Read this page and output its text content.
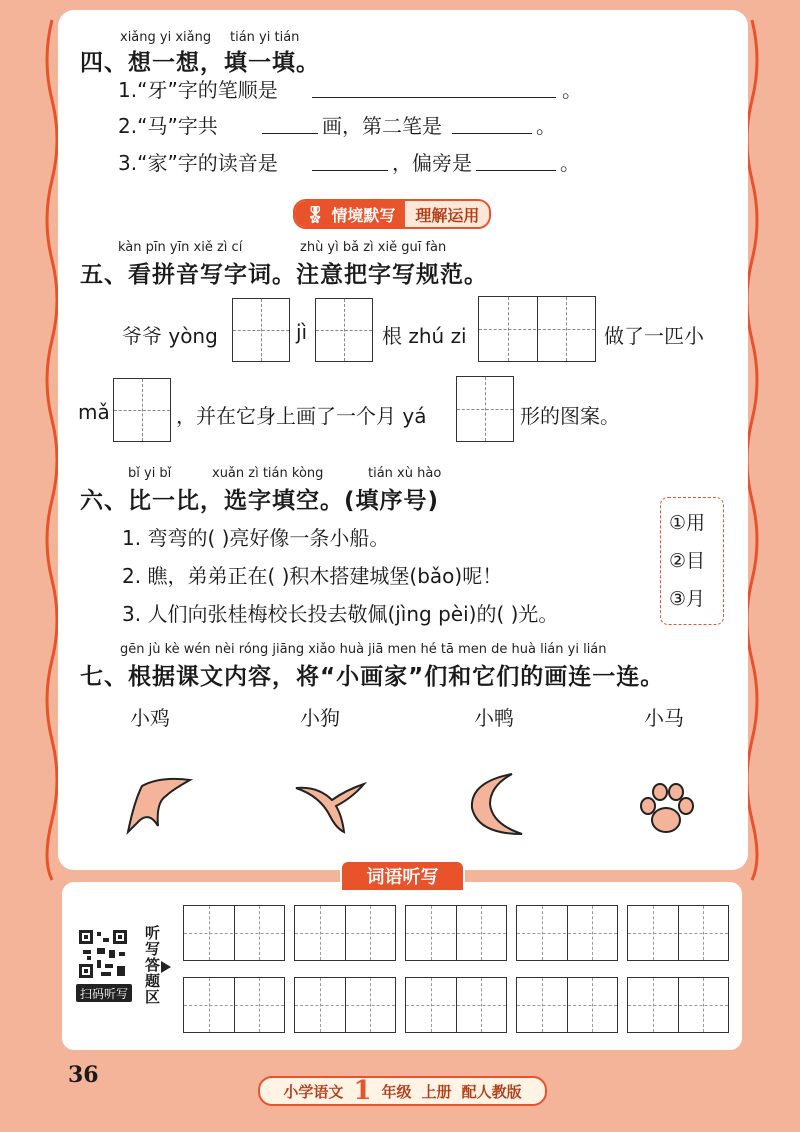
xiǎng yi xiǎng tián yi tián
四、想一想，填一填。
1.“牙”字的笔顺是	。
2.“马”字共	画，第二笔是	。
3.“家”字的读音是	，偏旁是	。
🎖 情境默写	理解运用
kàn pīn yīn xiě zì cí	zhù yì bǎ zì xiě guī fàn
五、看拼音写字词。注意把字写规范。
爷爷 yòng	jì	根 zhú zi	做了一匹小
mǎ	，并在它身上画了一个月 yá	形的图案。
bǐ yi bǐ	xuǎn zì tián kòng	tián xù hào
六、比一比，选字填空。(填序号)
1. 弯弯的( )亮好像一条小船。
2. 瞧，弟弟正在( )积木搭建城堡(bǎo)呢！
3. 人们向张桂梅校长投去敬佩(jìng pèi)的( )光。
①用
②目
③月
gēn jù kè wén nèi róng jiāng xiǎo huà jiā men hé tā men de huà lián yi lián
七、根据课文内容，将“小画家”们和它们的画连一连。
小鸡	小狗	小鸭	小马
词语听写
扫码听写
听写答题区
36
小学语文 1 年级 上册 配人教版
